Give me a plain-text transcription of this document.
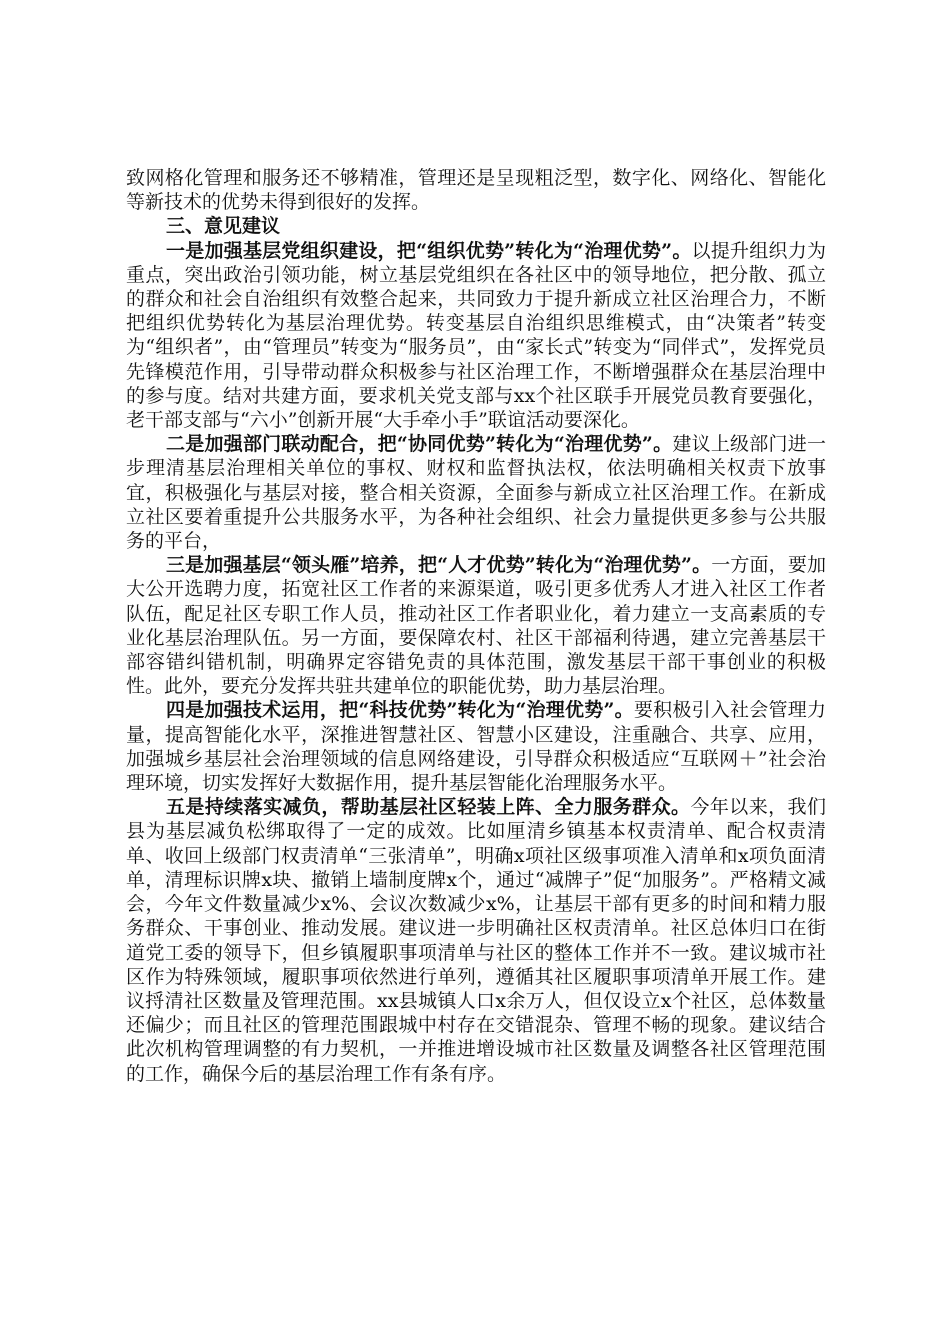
致网格化管理和服务还不够精准，管理还是呈现粗泛型，数字化、网络化、智能化等新技术的优势未得到很好的发挥。

三、意见建议

一是加强基层党组织建设，把“组织优势”转化为“治理优势”。以提升组织力为重点，突出政治引领功能，树立基层党组织在各社区中的领导地位，把分散、孤立的群众和社会自治组织有效整合起来，共同致力于提升新成立社区治理合力，不断把组织优势转化为基层治理优势。转变基层自治组织思维模式，由“决策者”转变为“组织者”，由“管理员”转变为“服务员”，由“家长式”转变为“同伴式”，发挥党员先锋模范作用，引导带动群众积极参与社区治理工作，不断增强群众在基层治理中的参与度。结对共建方面，要求机关党支部与xx个社区联手开展党员教育要强化，老干部支部与“六小”创新开展“大手牵小手”联谊活动要深化。

二是加强部门联动配合，把“协同优势”转化为“治理优势”。建议上级部门进一步理清基层治理相关单位的事权、财权和监督执法权，依法明确相关权责下放事宜，积极强化与基层对接，整合相关资源，全面参与新成立社区治理工作。在新成立社区要着重提升公共服务水平，为各种社会组织、社会力量提供更多参与公共服务的平台，

三是加强基层“领头雁”培养，把“人才优势”转化为“治理优势”。一方面，要加大公开选聘力度，拓宽社区工作者的来源渠道，吸引更多优秀人才进入社区工作者队伍，配足社区专职工作人员，推动社区工作者职业化，着力建立一支高素质的专业化基层治理队伍。另一方面，要保障农村、社区干部福利待遇，建立完善基层干部容错纠错机制，明确界定容错免责的具体范围，激发基层干部干事创业的积极性。此外，要充分发挥共驻共建单位的职能优势，助力基层治理。

四是加强技术运用，把“科技优势”转化为“治理优势”。要积极引入社会管理力量，提高智能化水平，深推进智慧社区、智慧小区建设，注重融合、共享、应用，加强城乡基层社会治理领域的信息网络建设，引导群众积极适应“互联网＋”社会治理环境，切实发挥好大数据作用，提升基层智能化治理服务水平。

五是持续落实减负，帮助基层社区轻装上阵、全力服务群众。今年以来，我们县为基层减负松绑取得了一定的成效。比如厘清乡镇基本权责清单、配合权责清单、收回上级部门权责清单“三张清单”，明确x项社区级事项准入清单和x项负面清单，清理标识牌x块、撤销上墙制度牌x个，通过“减牌子”促“加服务”。严格精文减会，今年文件数量减少x%、会议次数减少x%，让基层干部有更多的时间和精力服务群众、干事创业、推动发展。建议进一步明确社区权责清单。社区总体归口在街道党工委的领导下，但乡镇履职事项清单与社区的整体工作并不一致。建议城市社区作为特殊领域，履职事项依然进行单列，遵循其社区履职事项清单开展工作。建议捋清社区数量及管理范围。xx县城镇人口x余万人，但仅设立x个社区，总体数量还偏少；而且社区的管理范围跟城中村存在交错混杂、管理不畅的现象。建议结合此次机构管理调整的有力契机，一并推进增设城市社区数量及调整各社区管理范围的工作，确保今后的基层治理工作有条有序。
